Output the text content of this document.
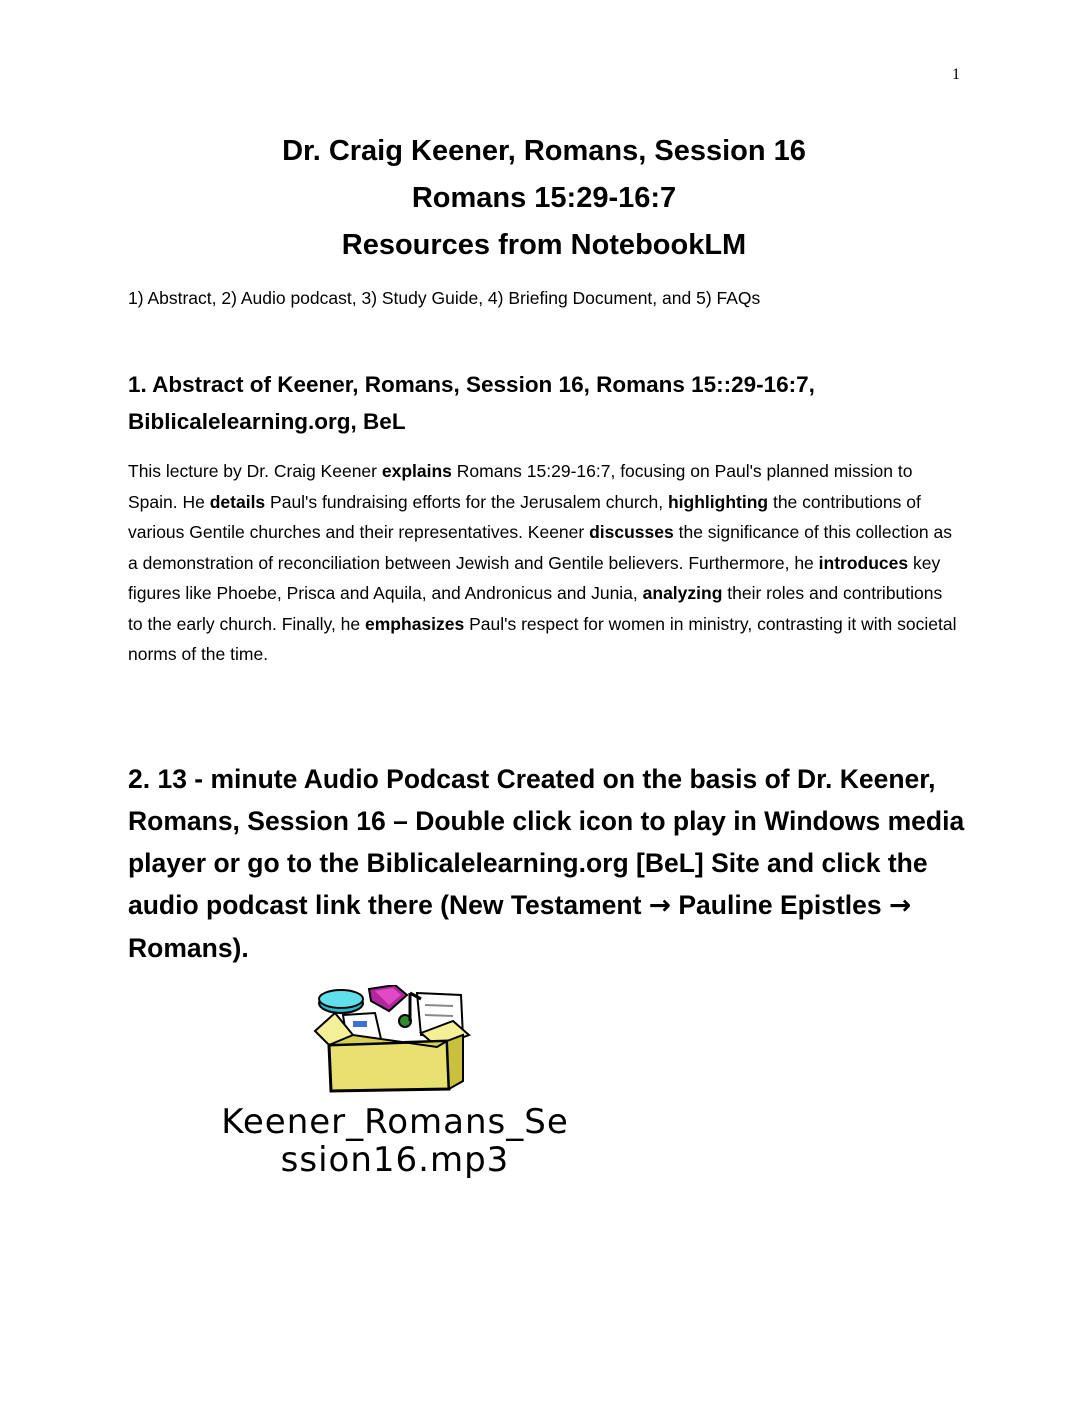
1
Dr. Craig Keener, Romans, Session 16
Romans 15:29-16:7
Resources from NotebookLM
1) Abstract, 2) Audio podcast, 3) Study Guide, 4) Briefing Document, and 5) FAQs
1. Abstract of Keener, Romans, Session 16, Romans 15::29-16:7, Biblicalelearning.org, BeL
This lecture by Dr. Craig Keener explains Romans 15:29-16:7, focusing on Paul's planned mission to Spain. He details Paul's fundraising efforts for the Jerusalem church, highlighting the contributions of various Gentile churches and their representatives. Keener discusses the significance of this collection as a demonstration of reconciliation between Jewish and Gentile believers. Furthermore, he introduces key figures like Phoebe, Prisca and Aquila, and Andronicus and Junia, analyzing their roles and contributions to the early church. Finally, he emphasizes Paul's respect for women in ministry, contrasting it with societal norms of the time.
2. 13 - minute Audio Podcast Created on the basis of Dr. Keener, Romans, Session 16 – Double click icon to play in Windows media player or go to the Biblicalelearning.org [BeL] Site and click the audio podcast link there (New Testament → Pauline Epistles → Romans).
Keener_Romans_Se
ssion16.mp3
